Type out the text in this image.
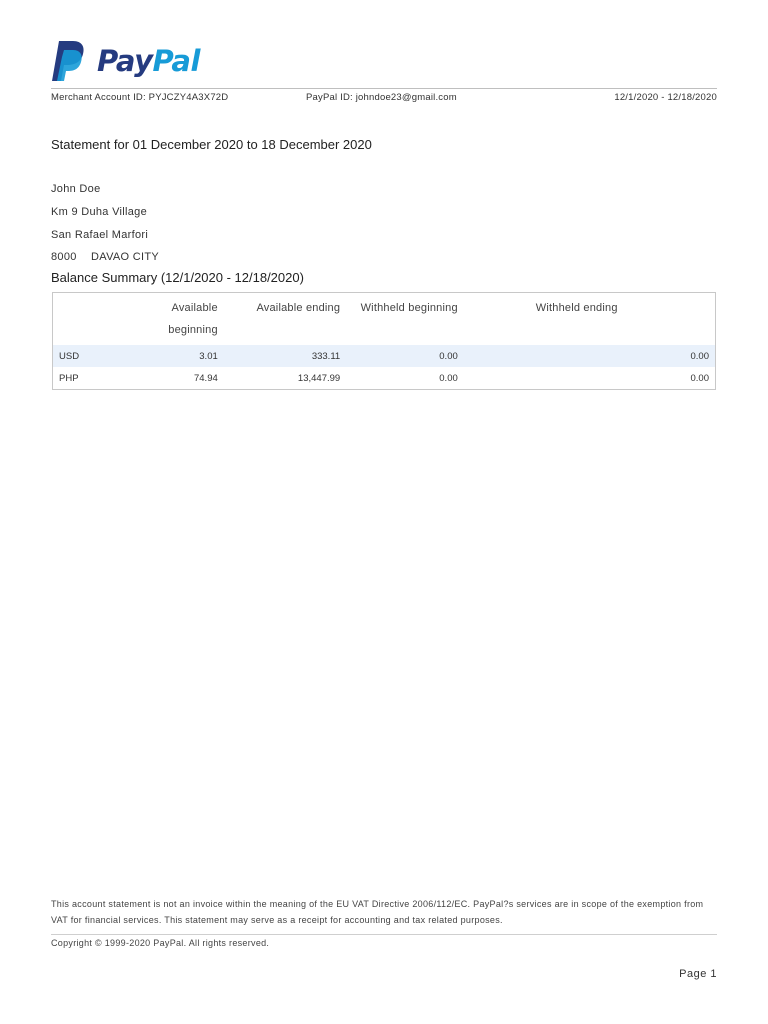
PayPal
Merchant Account ID: PYJCZY4A3X72D	PayPal ID: johndoe23@gmail.com	12/1/2020 - 12/18/2020
Statement for 01 December 2020 to 18 December 2020
John Doe
Km 9 Duha Village
San Rafael Marfori
8000 DAVAO CITY
Balance Summary (12/1/2020 - 12/18/2020)
	Available beginning	Available ending	Withheld beginning	Withheld ending
USD	3.01	333.11	0.00	0.00
PHP	74.94	13,447.99	0.00	0.00
This account statement is not an invoice within the meaning of the EU VAT Directive 2006/112/EC. PayPal?s services are in scope of the exemption from VAT for financial services. This statement may serve as a receipt for accounting and tax related purposes.
Copyright © 1999-2020 PayPal. All rights reserved.
Page 1
